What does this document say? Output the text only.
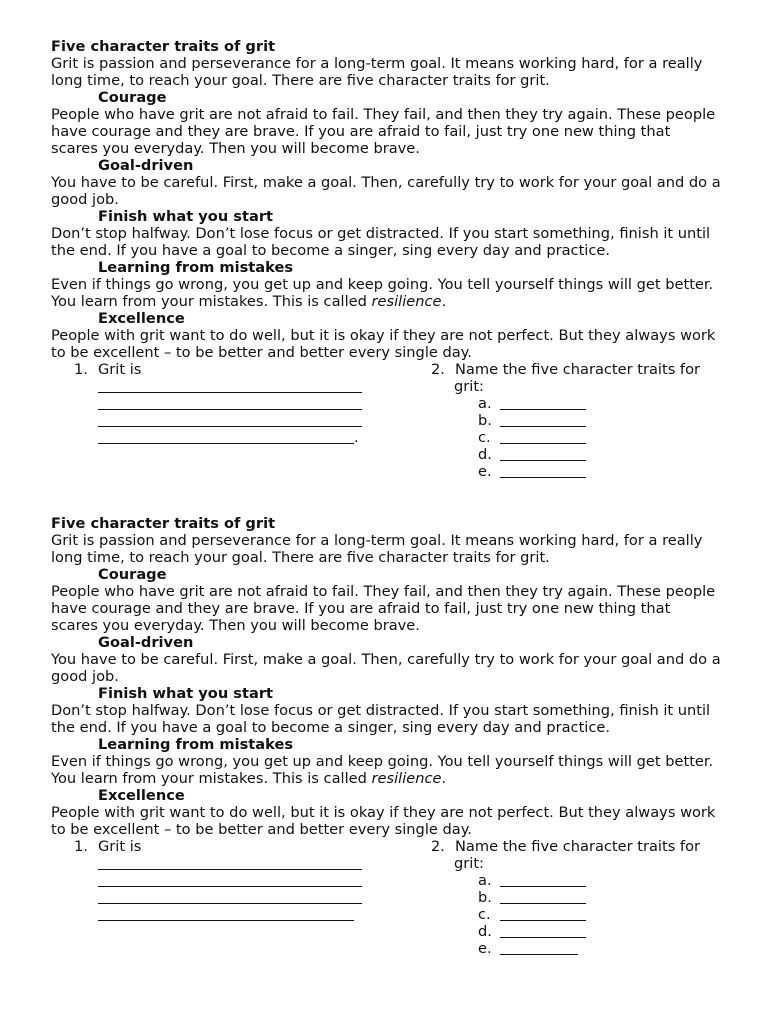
Five character traits of grit
Grit is passion and perseverance for a long-term goal. It means working hard, for a really long time, to reach your goal. There are five character traits for grit.
Courage
People who have grit are not afraid to fail. They fail, and then they try again. These people have courage and they are brave. If you are afraid to fail, just try one new thing that scares you everyday. Then you will become brave.
Goal-driven
You have to be careful. First, make a goal. Then, carefully try to work for your goal and do a good job.
Finish what you start
Don’t stop halfway. Don’t lose focus or get distracted. If you start something, finish it until the end. If you have a goal to become a singer, sing every day and practice.
Learning from mistakes
Even if things go wrong, you get up and keep going. You tell yourself things will get better. You learn from your mistakes. This is called resilience.
Excellence
People with grit want to do well, but it is okay if they are not perfect. But they always work to be excellent – to be better and better every single day.
1. Grit is
.
2. Name the five character traits for
grit:
a.
b.
c.
d.
e.
Five character traits of grit
Grit is passion and perseverance for a long-term goal. It means working hard, for a really long time, to reach your goal. There are five character traits for grit.
Courage
People who have grit are not afraid to fail. They fail, and then they try again. These people have courage and they are brave. If you are afraid to fail, just try one new thing that scares you everyday. Then you will become brave.
Goal-driven
You have to be careful. First, make a goal. Then, carefully try to work for your goal and do a good job.
Finish what you start
Don’t stop halfway. Don’t lose focus or get distracted. If you start something, finish it until the end. If you have a goal to become a singer, sing every day and practice.
Learning from mistakes
Even if things go wrong, you get up and keep going. You tell yourself things will get better. You learn from your mistakes. This is called resilience.
Excellence
People with grit want to do well, but it is okay if they are not perfect. But they always work to be excellent – to be better and better every single day.
1. Grit is	2. Name the five character traits for
grit:
a.
b.
c.
d.
e.
